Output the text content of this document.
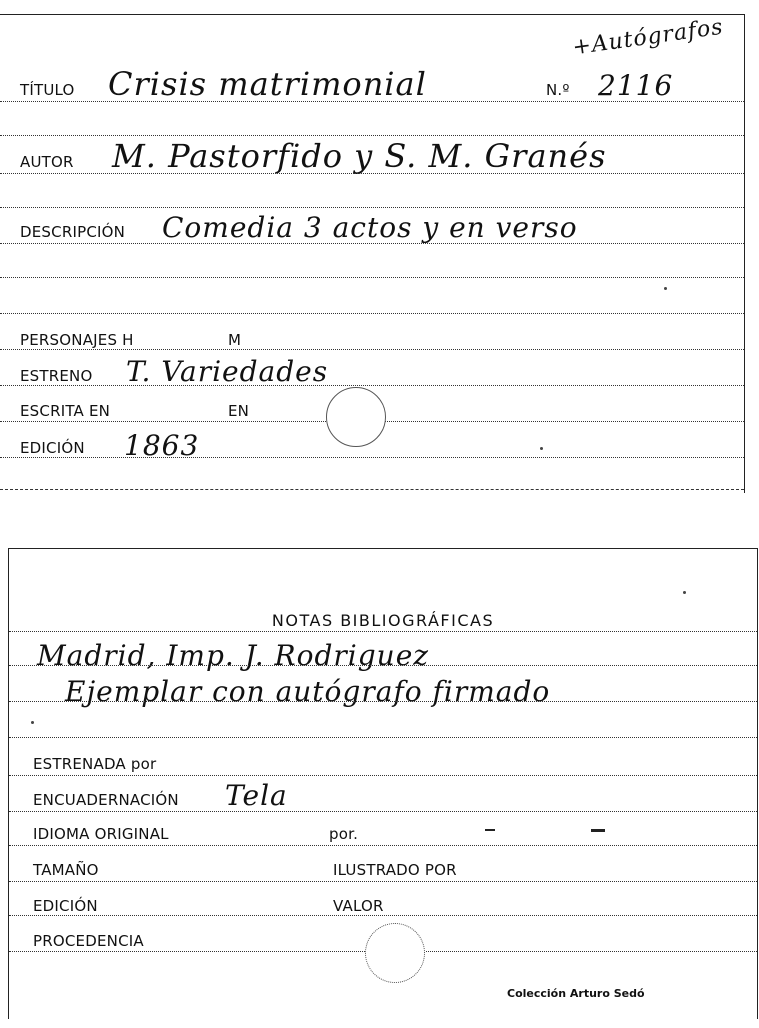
+Autógrafos
TÍTULO Crisis matrimonial	N.º 2116
AUTOR M. Pastorfido y S. M. Granés
DESCRIPCIÓN Comedia 3 actos y en verso
PERSONAJES H	M
ESTRENO T. Variedades
ESCRITA EN	EN
EDICIÓN 1863
NOTAS BIBLIOGRÁFICAS
Madrid, Imp. J. Rodriguez
Ejemplar con autógrafo firmado
ESTRENADA por
ENCUADERNACIÓN Tela
IDIOMA ORIGINAL	por.
TAMAÑO	ILUSTRADO POR
EDICIÓN	VALOR
PROCEDENCIA
Colección Arturo Sedó
